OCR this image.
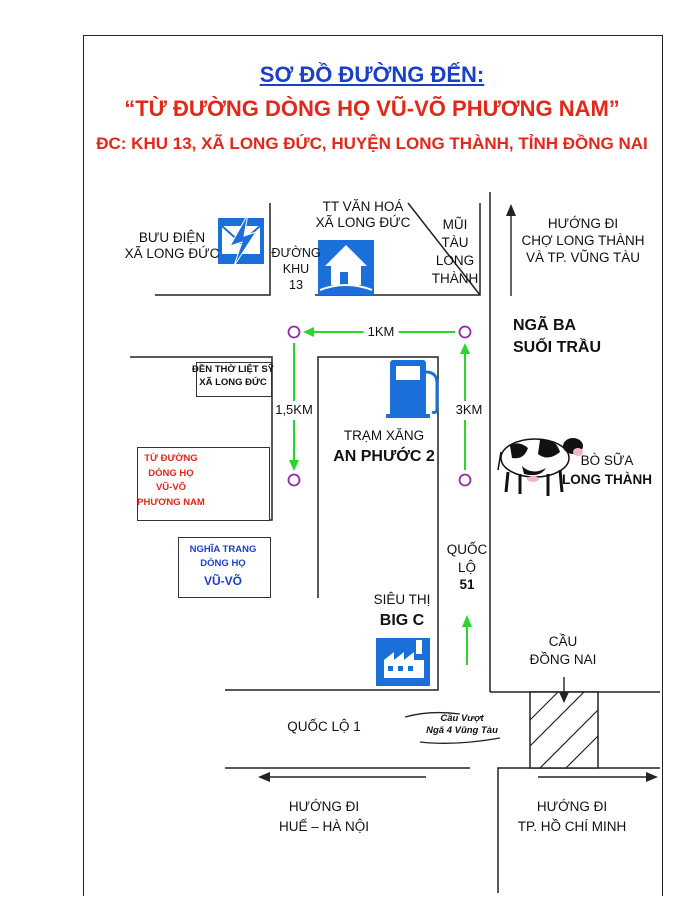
SƠ ĐỒ ĐƯỜNG ĐẾN:
“TỪ ĐƯỜNG DÒNG HỌ VŨ-VÕ PHƯƠNG NAM”
ĐC: KHU 13, XÃ LONG ĐỨC, HUYỆN LONG THÀNH, TỈNH ĐỒNG NAI
BƯU ĐIỆN
XÃ LONG ĐỨC	ĐƯỜNG
KHU
13
TT VĂN HOÁ
XÃ LONG ĐỨC	MŨI
TÀU
LONG
THÀNH
HƯỚNG ĐI
CHỢ LONG THÀNH
VÀ TP. VŨNG TÀU
NGÃ BA
SUỐI TRẦU
1KM
1,5KM	3KM
ĐỀN THỜ LIỆT SỸ
XÃ LONG ĐỨC
TRẠM XĂNG
AN PHƯỚC 2	BÒ SỮA
LONG THÀNH
TỪ ĐƯỜNG
DÒNG HỌ
VŨ-VÕ
PHƯƠNG NAM
NGHĨA TRANG
DÒNG HỌ
VŨ-VÕ
QUỐC
LỘ
51
SIÊU THỊ
BIG C
CẦU
ĐỒNG NAI
QUỐC LỘ 1
Cầu Vượt
Ngã 4 Vũng Tàu
HƯỚNG ĐI
HUẾ – HÀ NỘI
HƯỚNG ĐI
TP. HỒ CHÍ MINH
